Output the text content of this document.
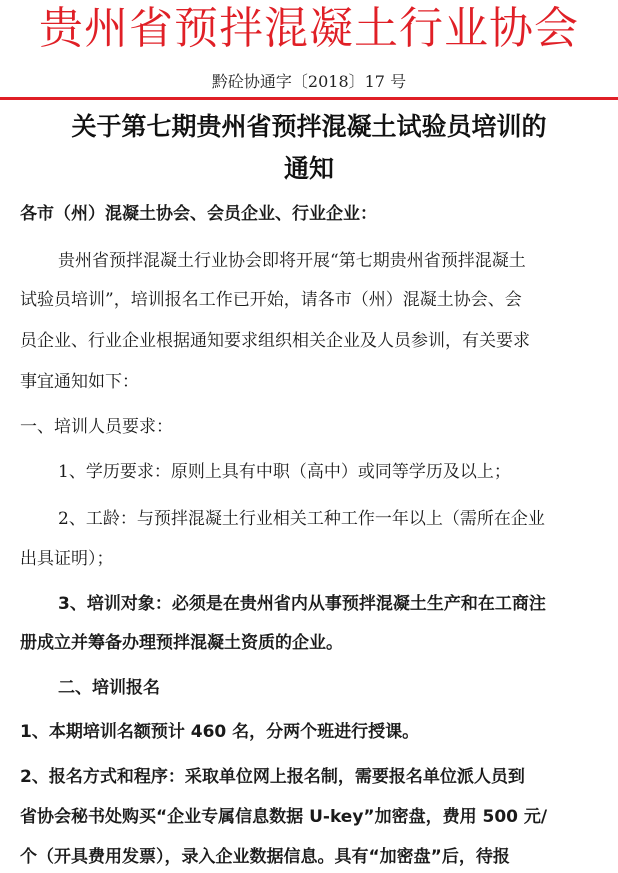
贵州省预拌混凝土行业协会
黔砼协通字〔2018〕17 号
关于第七期贵州省预拌混凝土试验员培训的
通知
各市（州）混凝土协会、会员企业、行业企业：
贵州省预拌混凝土行业协会即将开展“第七期贵州省预拌混凝土
试验员培训”，培训报名工作已开始，请各市（州）混凝土协会、会
员企业、行业企业根据通知要求组织相关企业及人员参训，有关要求
事宜通知如下：
一、培训人员要求：
1、学历要求：原则上具有中职（高中）或同等学历及以上；
2、工龄：与预拌混凝土行业相关工种工作一年以上（需所在企业
出具证明）；
3、培训对象：必须是在贵州省内从事预拌混凝土生产和在工商注
册成立并筹备办理预拌混凝土资质的企业。
二、培训报名
1、本期培训名额预计 460 名，分两个班进行授课。
2、报名方式和程序：采取单位网上报名制，需要报名单位派人员到
省协会秘书处购买“企业专属信息数据 U-key”加密盘，费用 500 元/
个（开具费用发票），录入企业数据信息。具有“加密盘”后，待报
